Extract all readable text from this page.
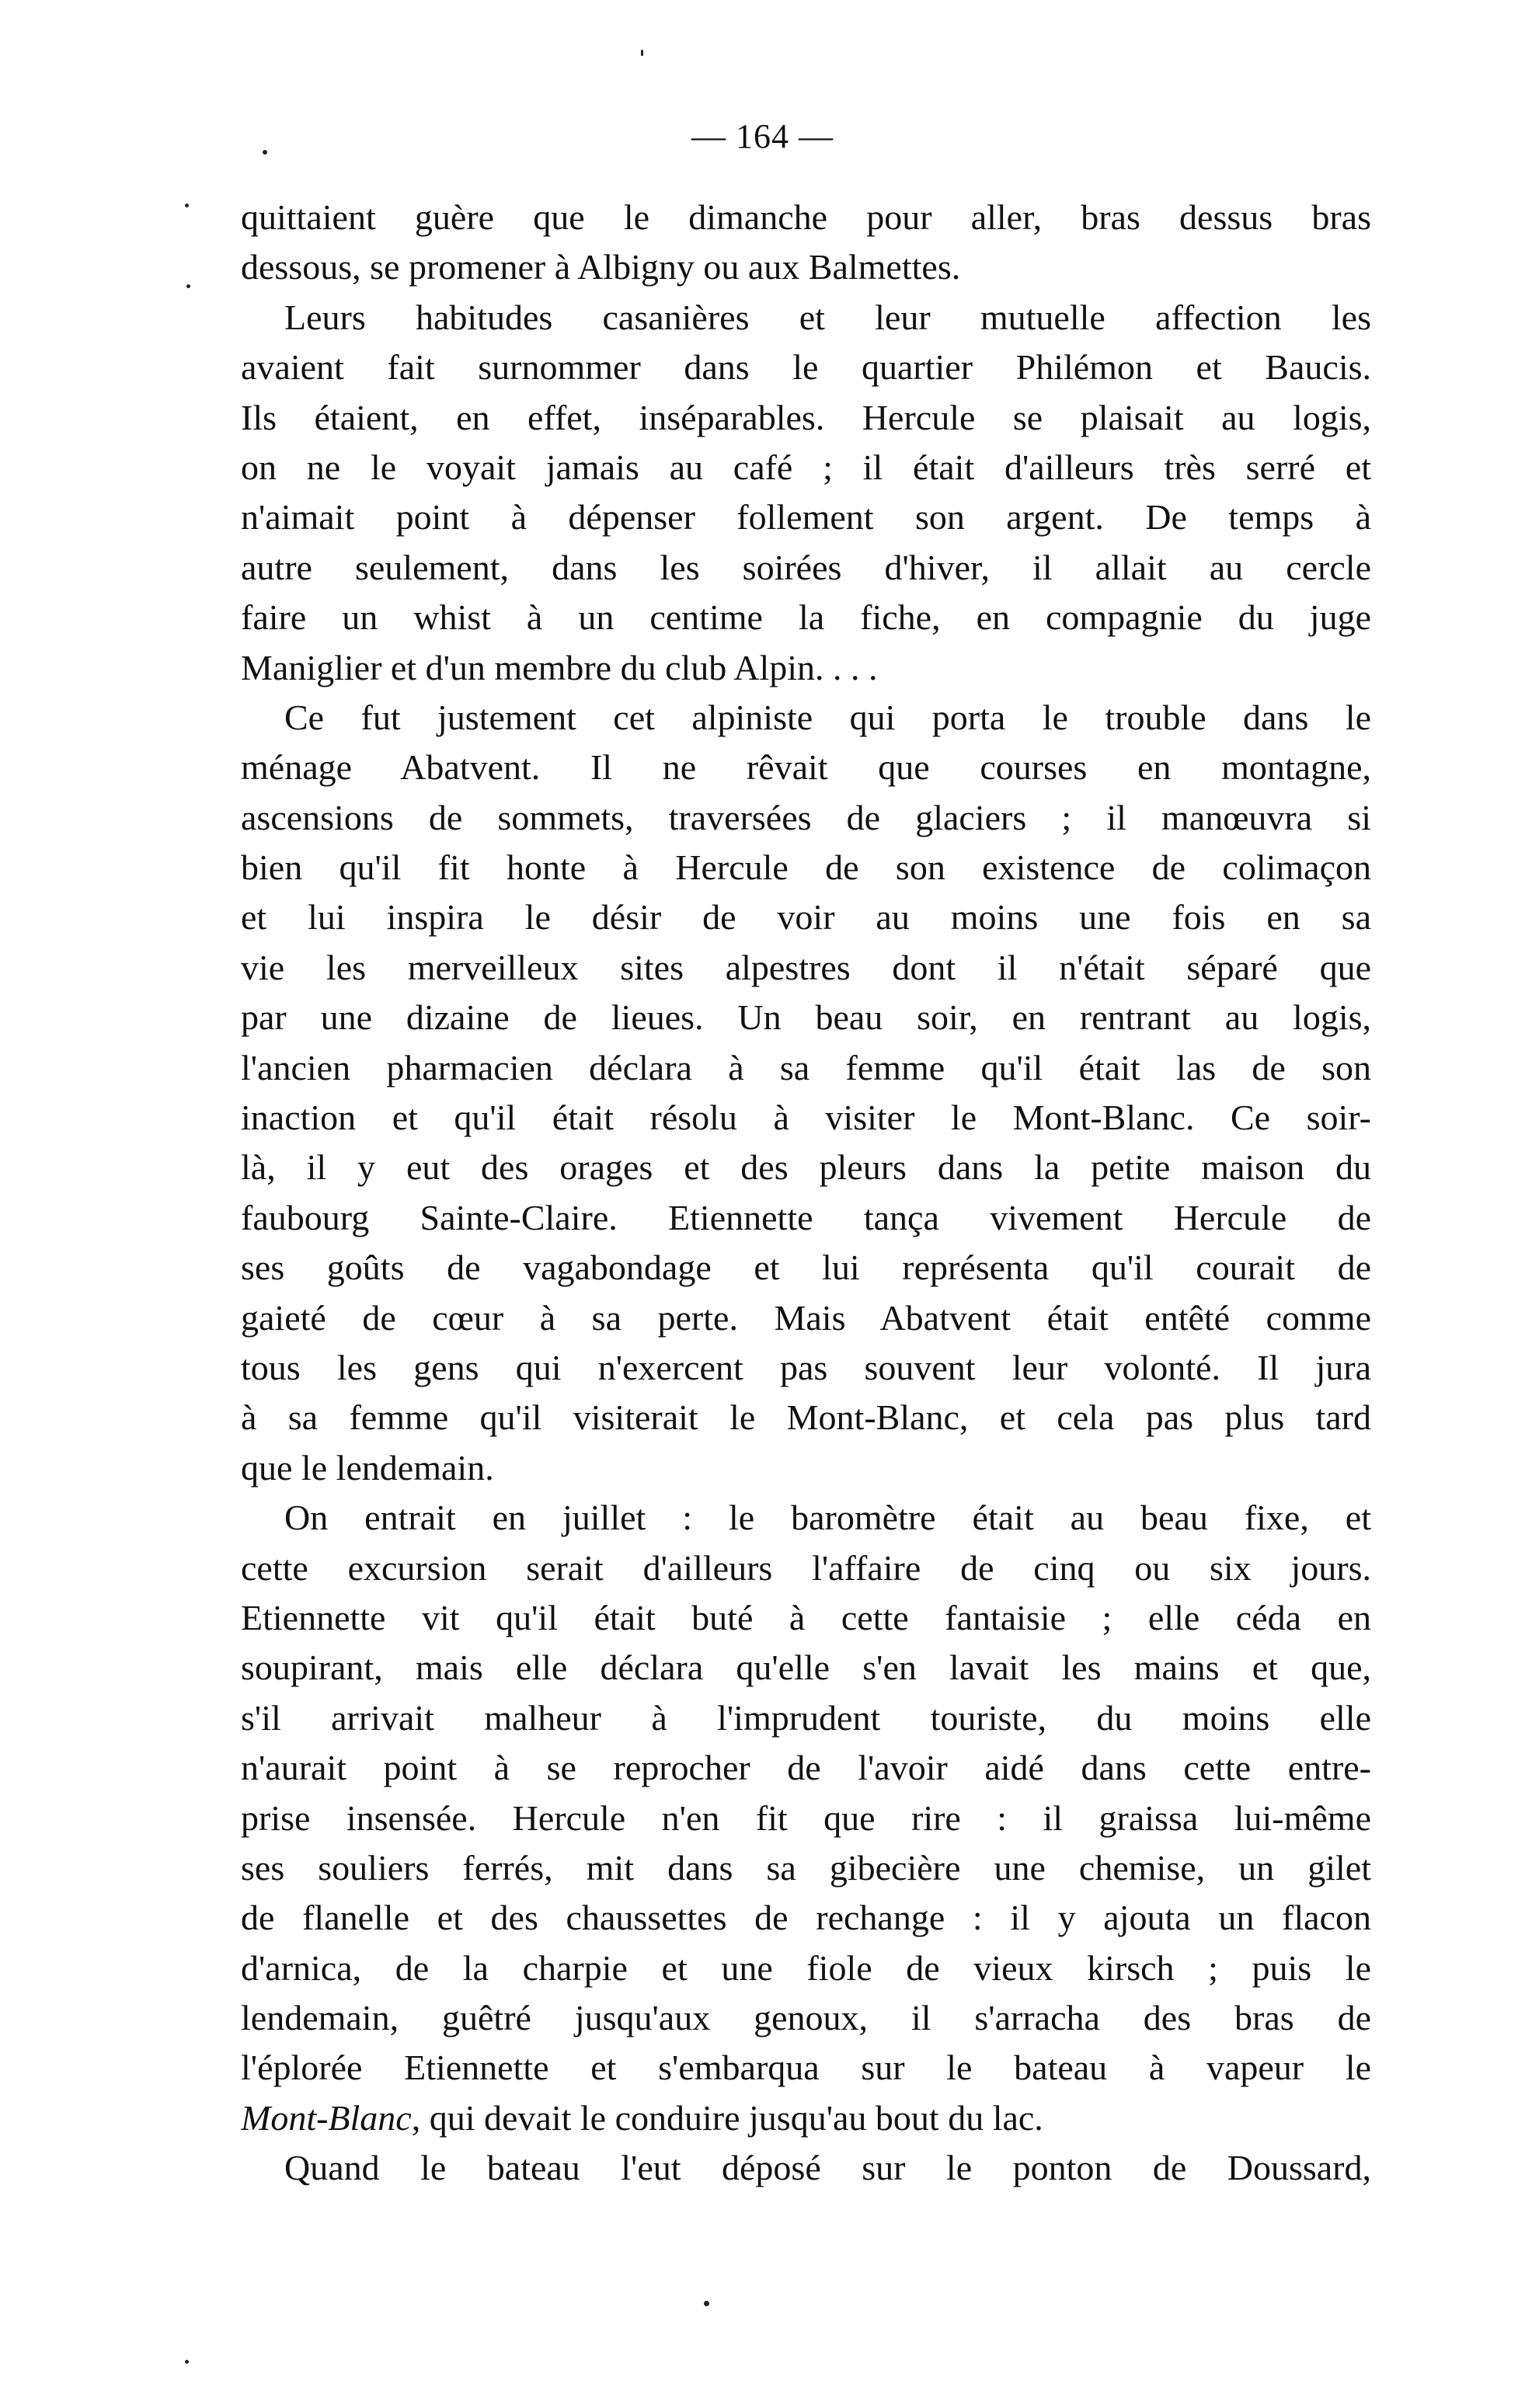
— 164 —
quittaient guère que le dimanche pour aller, bras dessus bras
dessous, se promener à Albigny ou aux Balmettes.
Leurs habitudes casanières et leur mutuelle affection les
avaient fait surnommer dans le quartier Philémon et Baucis.
Ils étaient, en effet, inséparables. Hercule se plaisait au logis,
on ne le voyait jamais au café ; il était d'ailleurs très serré et
n'aimait point à dépenser follement son argent. De temps à
autre seulement, dans les soirées d'hiver, il allait au cercle
faire un whist à un centime la fiche, en compagnie du juge
Maniglier et d'un membre du club Alpin. . . .
Ce fut justement cet alpiniste qui porta le trouble dans le
ménage Abatvent. Il ne rêvait que courses en montagne,
ascensions de sommets, traversées de glaciers ; il manœuvra si
bien qu'il fit honte à Hercule de son existence de colimaçon
et lui inspira le désir de voir au moins une fois en sa
vie les merveilleux sites alpestres dont il n'était séparé que
par une dizaine de lieues. Un beau soir, en rentrant au logis,
l'ancien pharmacien déclara à sa femme qu'il était las de son
inaction et qu'il était résolu à visiter le Mont-Blanc. Ce soir-
là, il y eut des orages et des pleurs dans la petite maison du
faubourg Sainte-Claire. Etiennette tança vivement Hercule de
ses goûts de vagabondage et lui représenta qu'il courait de
gaieté de cœur à sa perte. Mais Abatvent était entêté comme
tous les gens qui n'exercent pas souvent leur volonté. Il jura
à sa femme qu'il visiterait le Mont-Blanc, et cela pas plus tard
que le lendemain.
On entrait en juillet : le baromètre était au beau fixe, et
cette excursion serait d'ailleurs l'affaire de cinq ou six jours.
Etiennette vit qu'il était buté à cette fantaisie ; elle céda en
soupirant, mais elle déclara qu'elle s'en lavait les mains et que,
s'il arrivait malheur à l'imprudent touriste, du moins elle
n'aurait point à se reprocher de l'avoir aidé dans cette entre-
prise insensée. Hercule n'en fit que rire : il graissa lui-même
ses souliers ferrés, mit dans sa gibecière une chemise, un gilet
de flanelle et des chaussettes de rechange : il y ajouta un flacon
d'arnica, de la charpie et une fiole de vieux kirsch ; puis le
lendemain, guêtré jusqu'aux genoux, il s'arracha des bras de
l'éplorée Etiennette et s'embarqua sur le bateau à vapeur le
Mont-Blanc, qui devait le conduire jusqu'au bout du lac.
Quand le bateau l'eut déposé sur le ponton de Doussard,
